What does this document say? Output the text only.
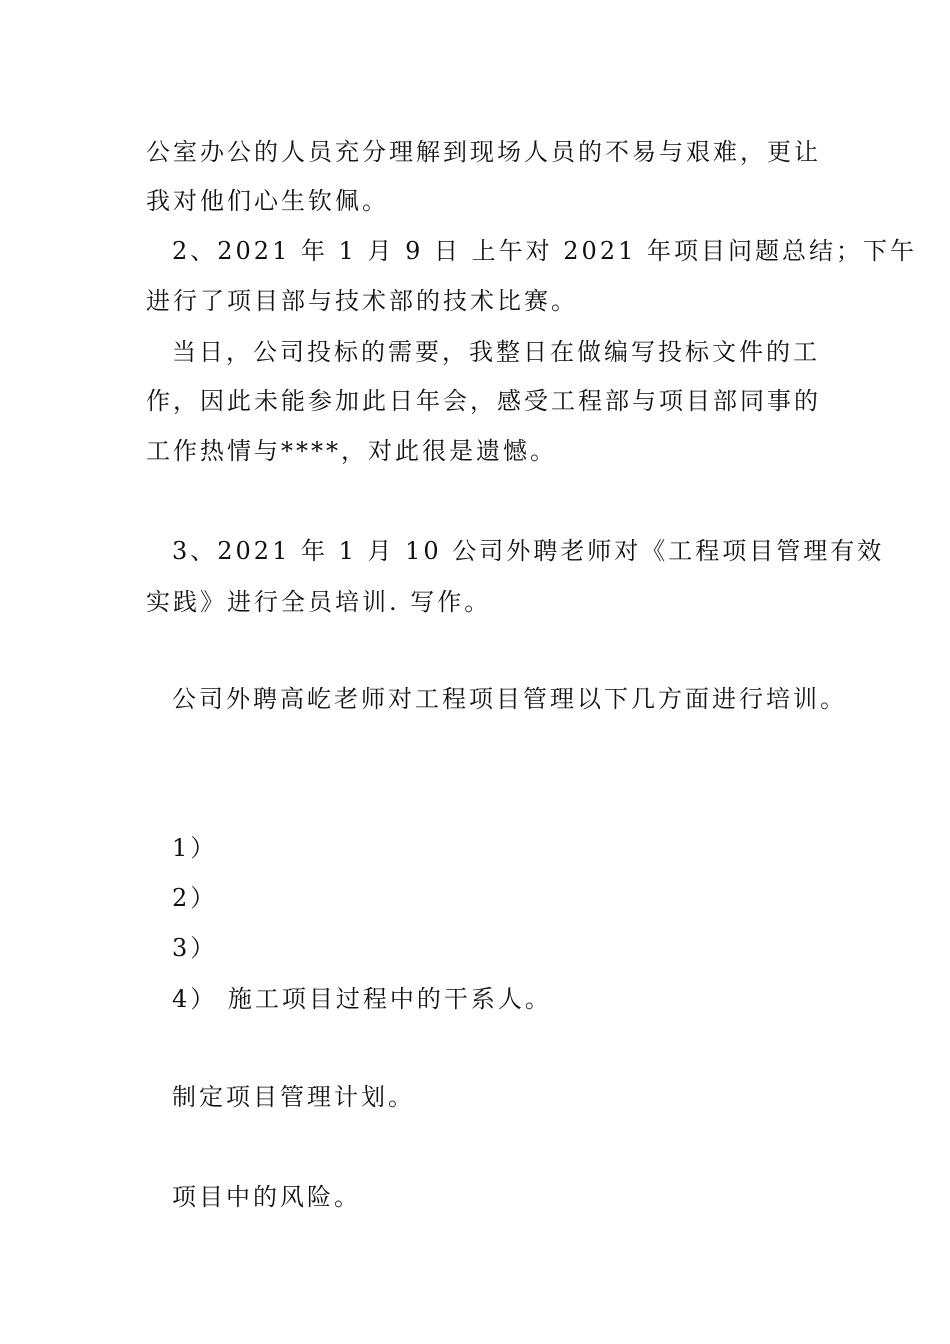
公室办公的人员充分理解到现场人员的不易与艰难，更让
我对他们心生钦佩。
2、2021 年 1 月 9 日 上午对 2021 年项目问题总结；下午
进行了项目部与技术部的技术比赛。
当日，公司投标的需要，我整日在做编写投标文件的工
作，因此未能参加此日年会，感受工程部与项目部同事的
工作热情与****，对此很是遗憾。
3、2021 年 1 月 10 公司外聘老师对《工程项目管理有效
实践》进行全员培训. 写作。
公司外聘高屹老师对工程项目管理以下几方面进行培训。
1）
2）
3）
4） 施工项目过程中的干系人。
制定项目管理计划。
项目中的风险。
